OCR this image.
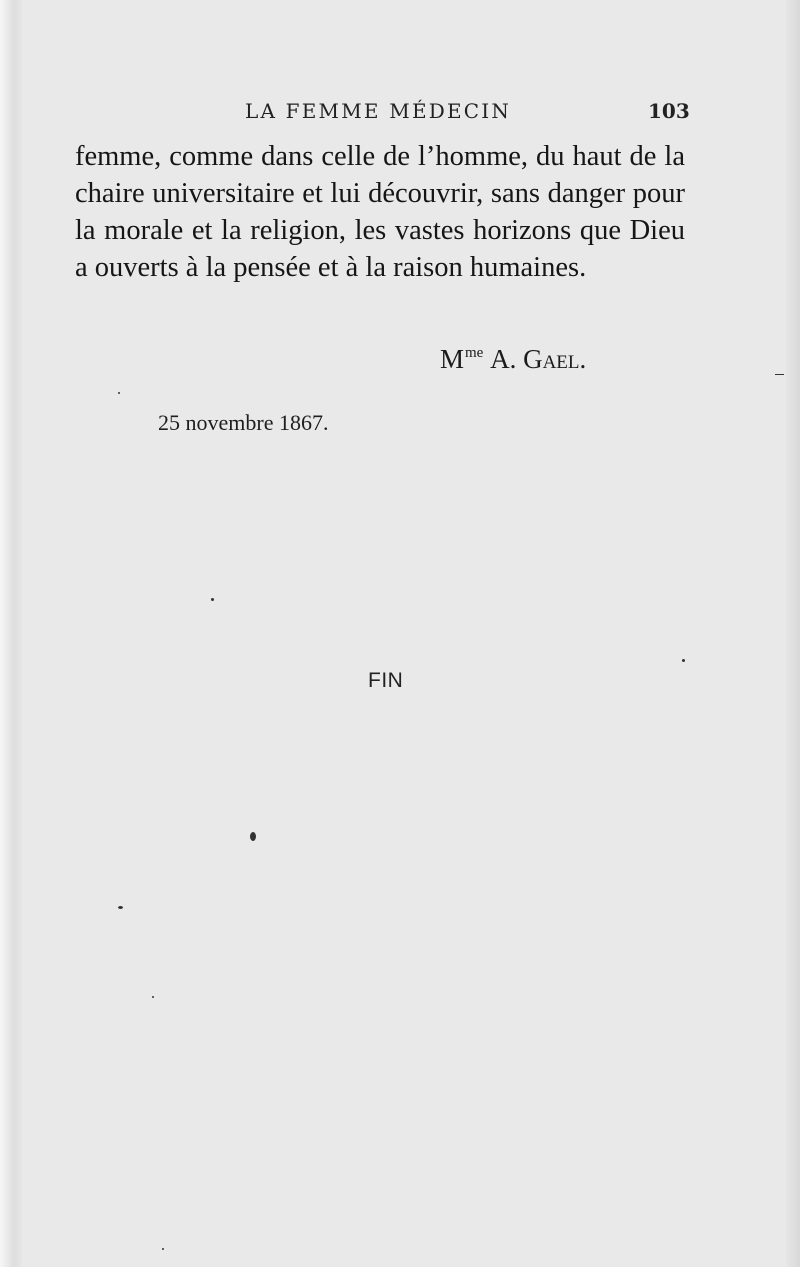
LA FEMME MÉDECIN	103

femme, comme dans celle de l’homme, du haut de la chaire universitaire et lui découvrir, sans danger pour la morale et la religion, les vastes horizons que Dieu a ouverts à la pensée et à la raison humaines.

$M^{me}$ A. Gael.
25 novembre 1867.
FIN
